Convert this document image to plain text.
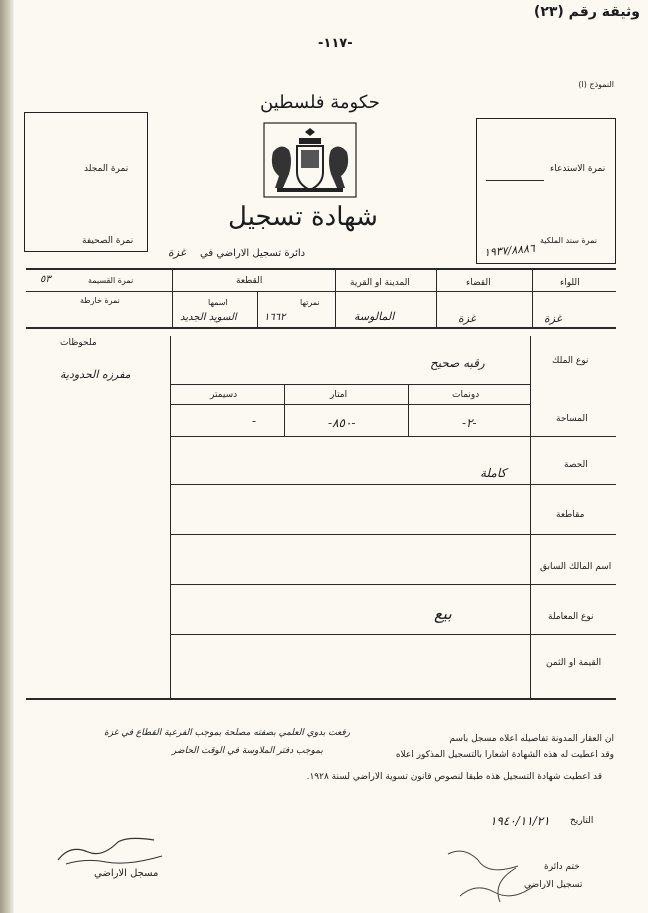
وثيقة رقم (٢٣)
-١١٧-
النموذج (ا)
حكومة فلسطين
شهادة تسجيل
دائرة تسجيل الاراضي في
غزة
نمرة المجلد
نمرة الصحيفة
نمرة الاستدعاء
نمرة سند الملكية
١٩٣٧/٨٨٨٦
اللواء
القضاء
المدينة او القرية
القطعة
نمرتها
اسمها
نمرة القسيمة
نمرة خارطة
غزة
غزة
المالوسة
١٦٦٢
السويد الجديد
٥٣
ملحوظات
مفرزه الحدودية
نوع الملك
رقبه صحيح
المساحة
دونمات
امتار
دسيمتر
-٢-
-٨٥٠-
-
الحصة
كاملة
مقاطعة
اسم المالك السابق
نوع المعاملة
بيع
القيمة او الثمن
ان العقار المدونة تفاصيله اعلاه مسجل باسم
رفعت بدوي العلمي بصفته مصلحة بموجب الفرعية القطاع في غزة
وقد اعطيت له هذه الشهادة اشعارا بالتسجيل المذكور اعلاه
بموجب دفتر الملاوسة في الوقت الحاضر
قد اعطيت شهادة التسجيل هذه طبقا لنصوص قانون تسوية الاراضي لسنة ١٩٢٨.
التاريخ
١٩٤٠/١١/٢١
ختم دائرة
تسجيل الاراضي
مسجل الاراضي
